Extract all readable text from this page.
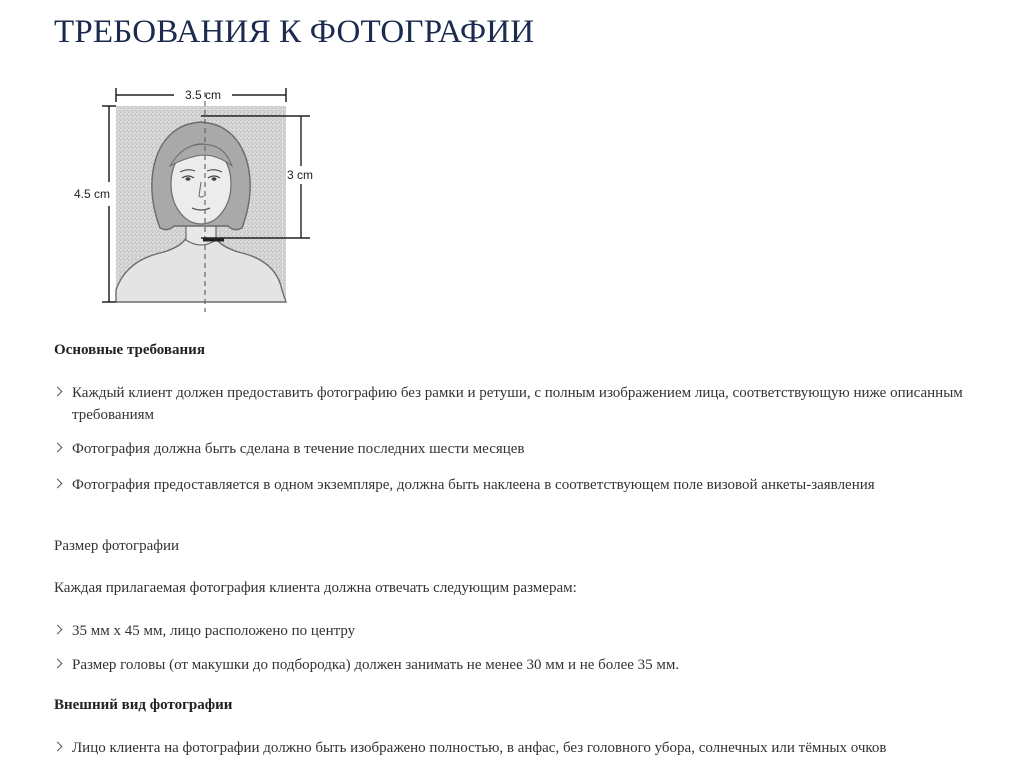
ТРЕБОВАНИЯ К ФОТОГРАФИИ
3.5 cm
4.5 cm
3 cm
Основные требования
Каждый клиент должен предоставить фотографию без рамки и ретуши, с полным изображением лица, соответствующую ниже описанным требованиям
Фотография должна быть сделана в течение последних шести месяцев
Фотография предоставляется в одном экземпляре, должна быть наклеена в соответствующем поле визовой анкеты-заявления
Размер фотографии
Каждая прилагаемая фотография клиента должна отвечать следующим размерам:
35 мм x 45 мм, лицо расположено по центру
Размер головы (от макушки до подбородка) должен занимать не менее 30 мм и не более 35 мм.
Внешний вид фотографии
Лицо клиента на фотографии должно быть изображено полностью, в анфас, без головного убора, солнечных или тёмных очков
